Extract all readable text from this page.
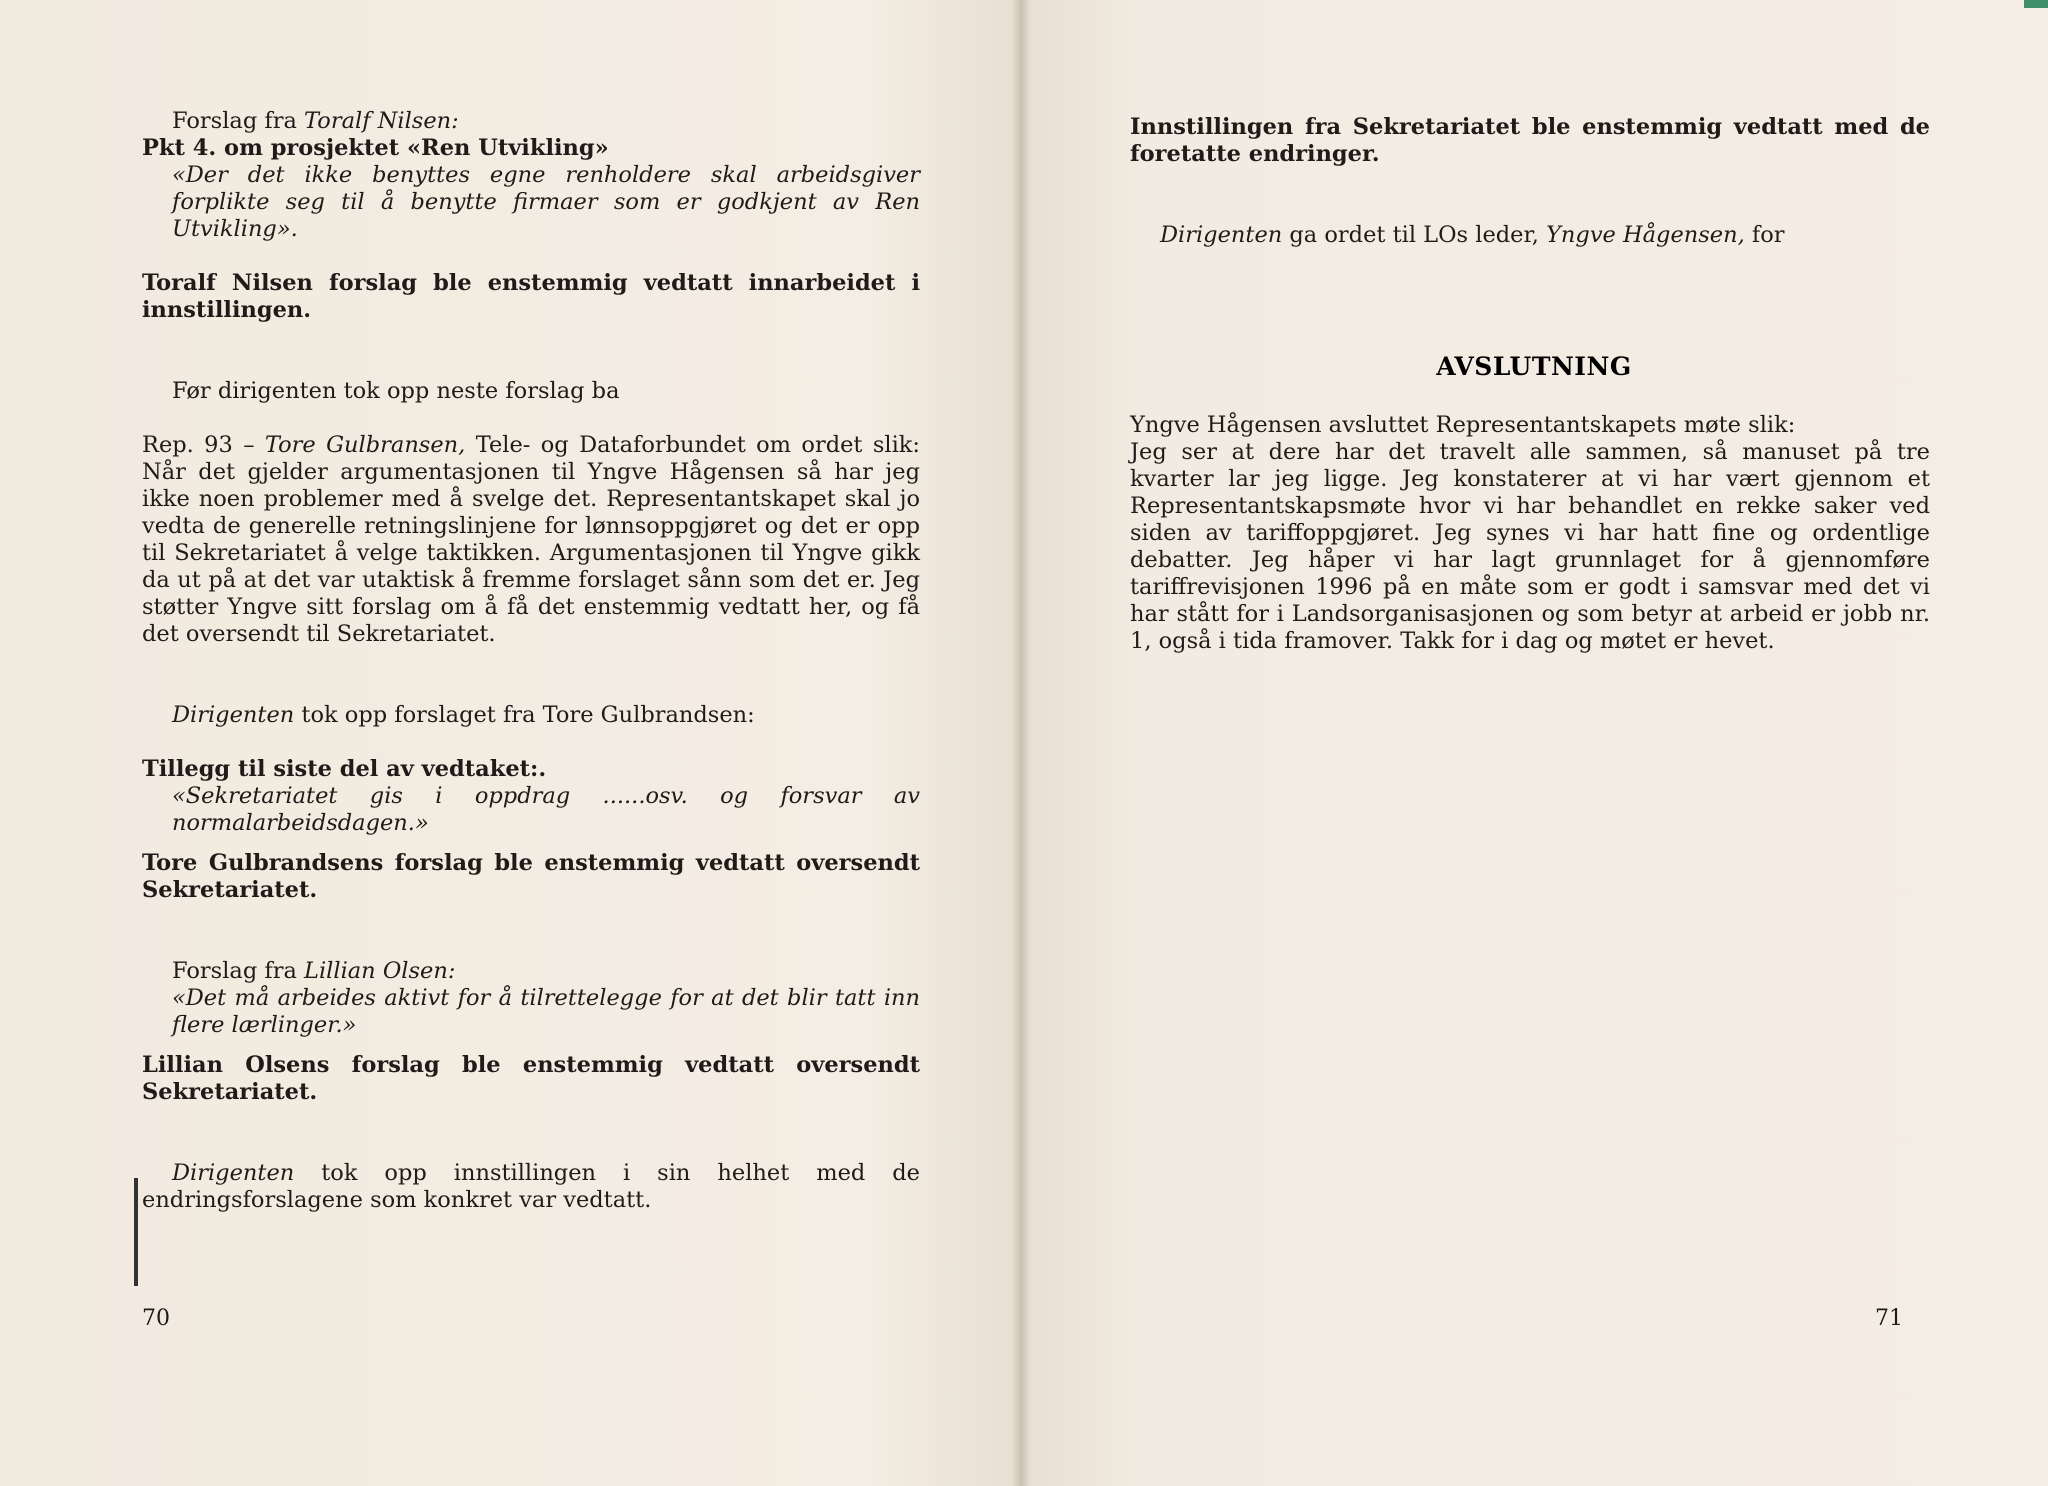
Forslag fra Toralf Nilsen:

Pkt 4. om prosjektet «Ren Utvikling»

«Der det ikke benyttes egne renholdere skal arbeidsgiver forplikte seg til å benytte firmaer som er godkjent av Ren Utvikling».

Toralf Nilsen forslag ble enstemmig vedtatt innarbeidet i innstillingen.

Før dirigenten tok opp neste forslag ba

Rep. 93 – Tore Gulbransen, Tele- og Dataforbundet om ordet slik: Når det gjelder argumentasjonen til Yngve Hågensen så har jeg ikke noen problemer med å svelge det. Representantskapet skal jo vedta de generelle retningslinjene for lønnsoppgjøret og det er opp til Sekretariatet å velge taktikken. Argumentasjonen til Yngve gikk da ut på at det var utaktisk å fremme forslaget sånn som det er. Jeg støtter Yngve sitt forslag om å få det enstemmig vedtatt her, og få det oversendt til Sekretariatet.

Dirigenten tok opp forslaget fra Tore Gulbrandsen:

Tillegg til siste del av vedtaket:.

«Sekretariatet gis i oppdrag ......osv. og forsvar av normalarbeidsdagen.»

Tore Gulbrandsens forslag ble enstemmig vedtatt oversendt Sekretariatet.

Forslag fra Lillian Olsen:

«Det må arbeides aktivt for å tilrettelegge for at det blir tatt inn flere lærlinger.»

Lillian Olsens forslag ble enstemmig vedtatt oversendt Sekretariatet.

Dirigenten tok opp innstillingen i sin helhet med de endringsforslagene som konkret var vedtatt.

70

Innstillingen fra Sekretariatet ble enstemmig vedtatt med de foretatte endringer.

Dirigenten ga ordet til LOs leder, Yngve Hågensen, for

AVSLUTNING

Yngve Hågensen avsluttet Representantskapets møte slik:

Jeg ser at dere har det travelt alle sammen, så manuset på tre kvarter lar jeg ligge. Jeg konstaterer at vi har vært gjennom et Representantskapsmøte hvor vi har behandlet en rekke saker ved siden av tariffoppgjøret. Jeg synes vi har hatt fine og ordentlige debatter. Jeg håper vi har lagt grunnlaget for å gjennomføre tariffrevisjonen 1996 på en måte som er godt i samsvar med det vi har stått for i Landsorganisasjonen og som betyr at arbeid er jobb nr. 1, også i tida framover. Takk for i dag og møtet er hevet.

71
